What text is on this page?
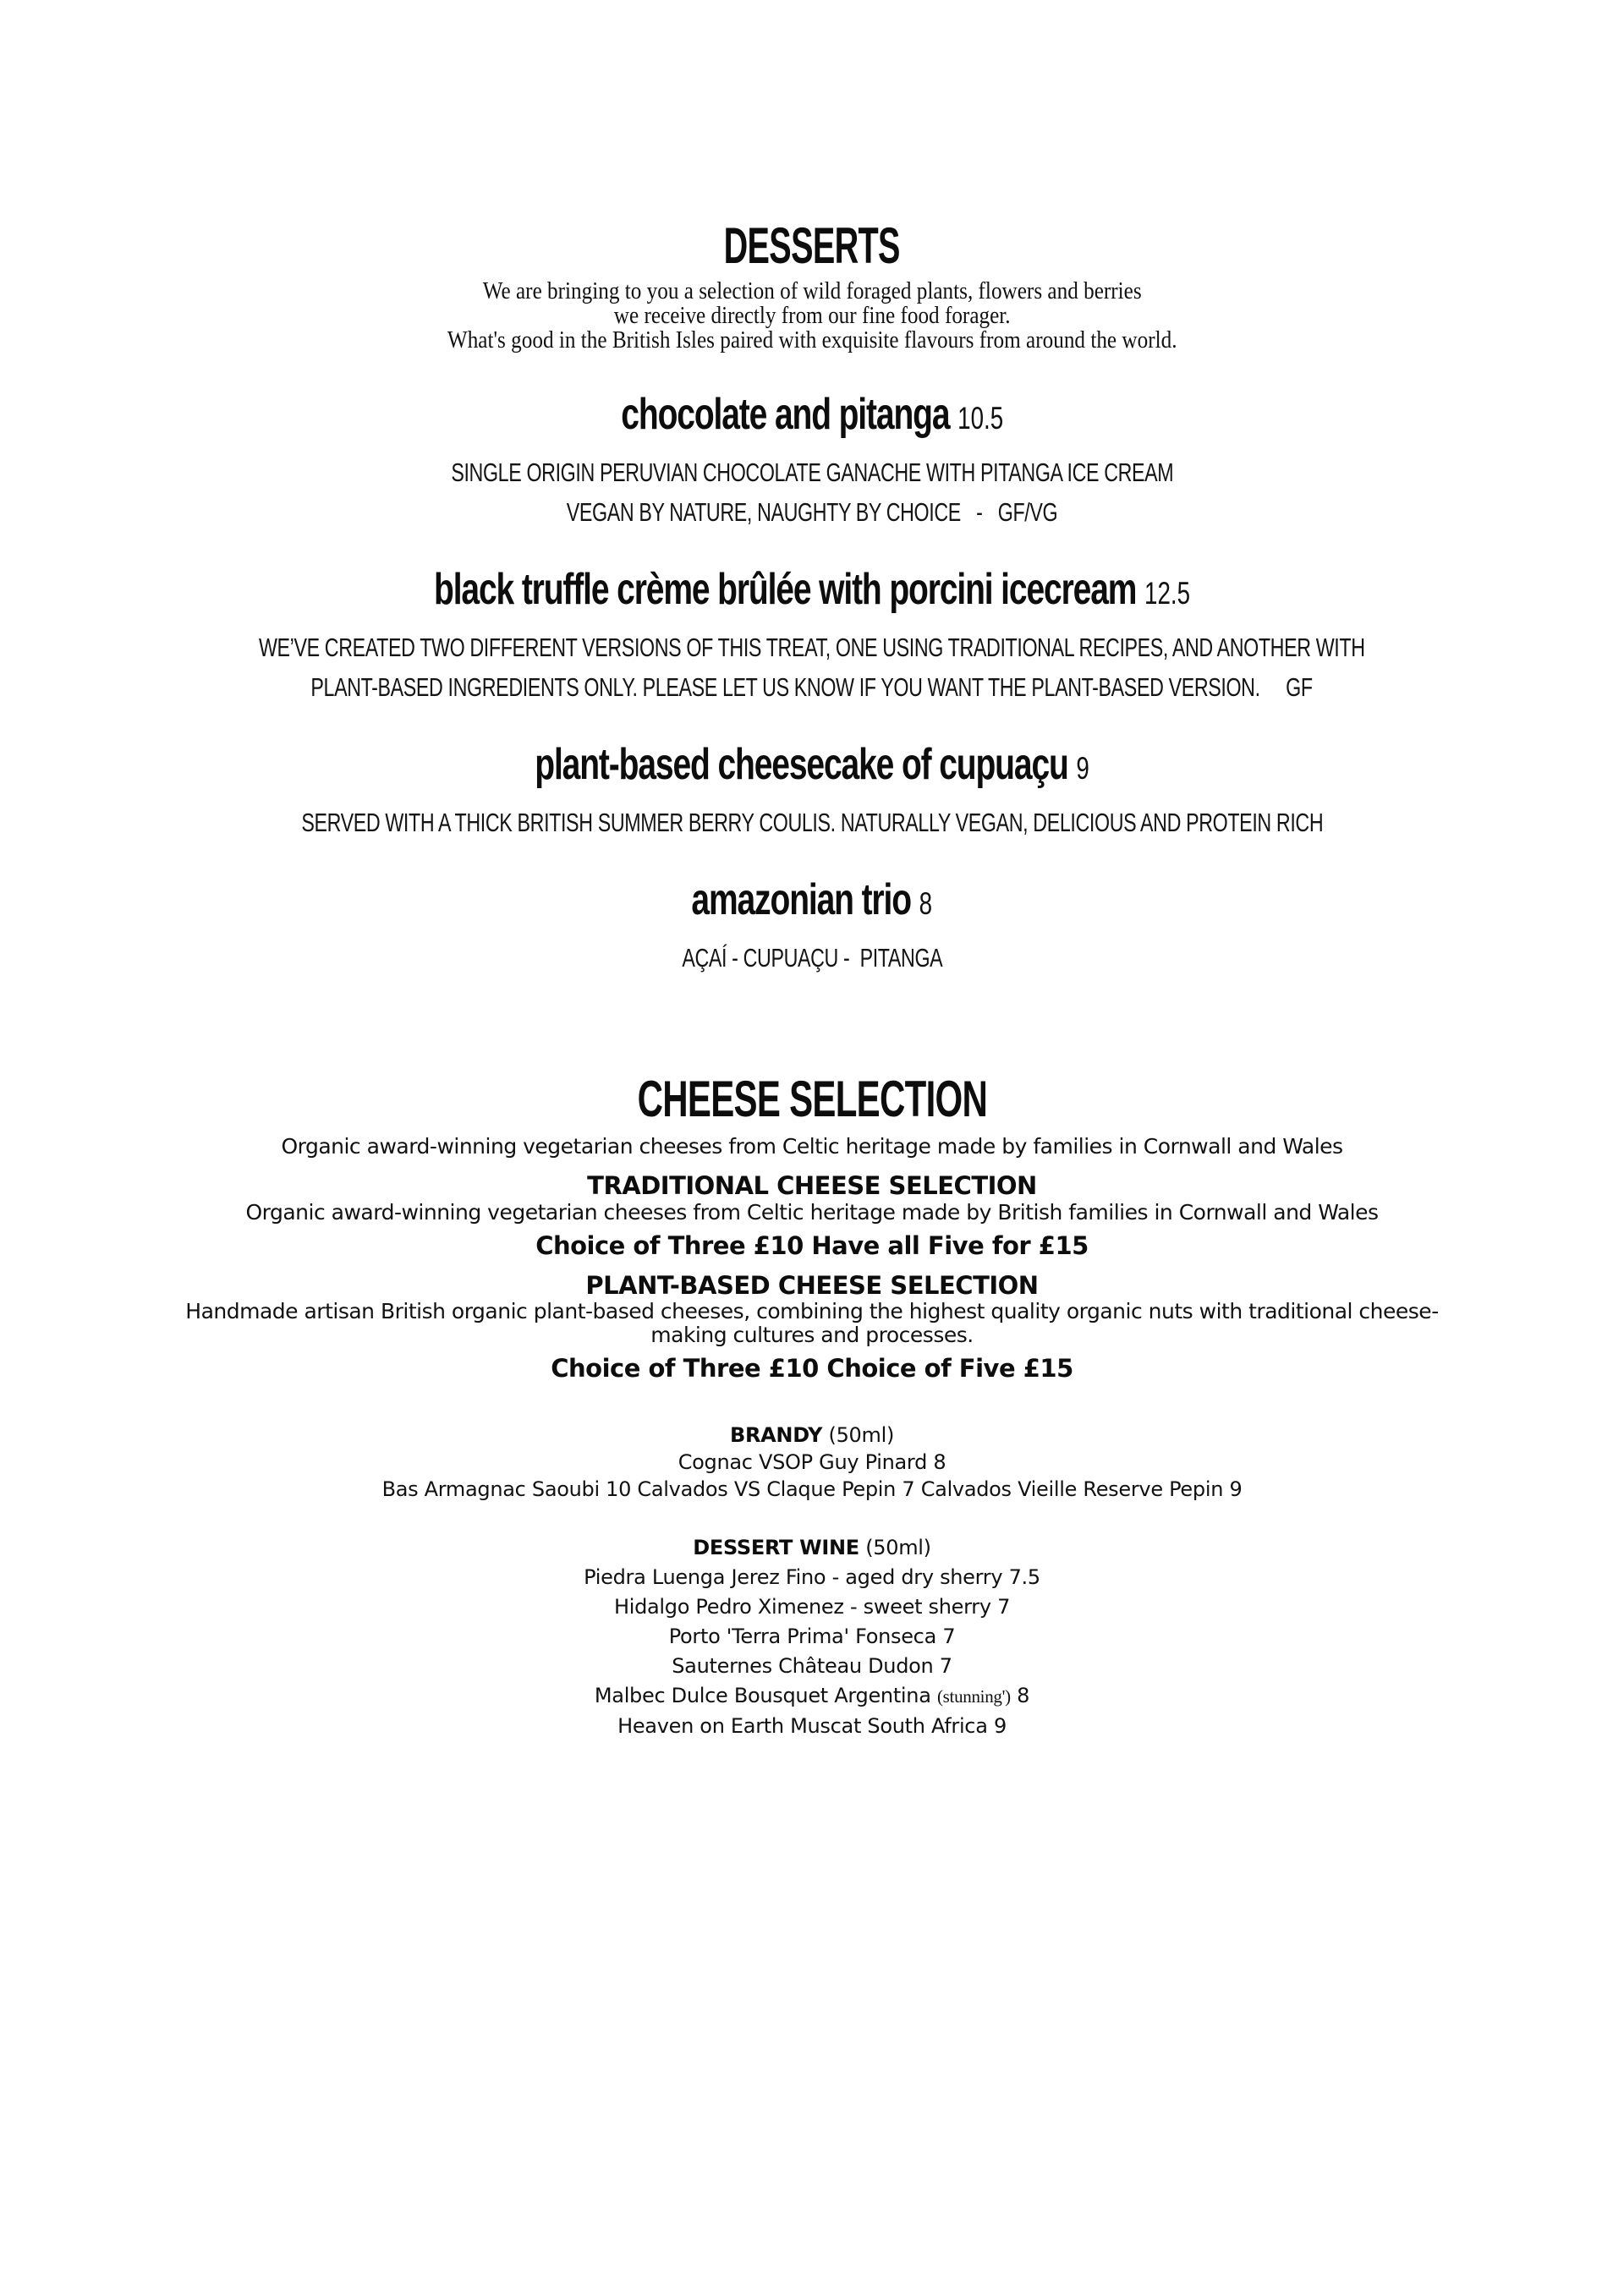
DESSERTS

We are bringing to you a selection of wild foraged plants, flowers and berries

we receive directly from our fine food forager.

What's good in the British Isles paired with exquisite flavours from around the world.

chocolate and pitanga 10.5
SINGLE ORIGIN PERUVIAN CHOCOLATE GANACHE WITH PITANGA ICE CREAM
VEGAN BY NATURE, NAUGHTY BY CHOICE   -   GF/VG
black truffle crème brûlée with porcini icecream 12.5
WE’VE CREATED TWO DIFFERENT VERSIONS OF THIS TREAT, ONE USING TRADITIONAL RECIPES, AND ANOTHER WITH
PLANT-BASED INGREDIENTS ONLY. PLEASE LET US KNOW IF YOU WANT THE PLANT-BASED VERSION.     GF
plant-based cheesecake of cupuaçu 9
SERVED WITH A THICK BRITISH SUMMER BERRY COULIS. NATURALLY VEGAN, DELICIOUS AND PROTEIN RICH
amazonian trio 8
AÇAÍ - CUPUAÇU -  PITANGA
CHEESE SELECTION

Organic award-winning vegetarian cheeses from Celtic heritage made by families in Cornwall and Wales

TRADITIONAL CHEESE SELECTION

Organic award-winning vegetarian cheeses from Celtic heritage made by British families in Cornwall and Wales

Choice of Three £10 Have all Five for £15

PLANT-BASED CHEESE SELECTION

Handmade artisan British organic plant-based cheeses, combining the highest quality organic nuts with traditional cheese-making cultures and processes.

Choice of Three £10 Choice of Five £15

BRANDY (50ml)

Cognac VSOP Guy Pinard 8

Bas Armagnac Saoubi 10 Calvados VS Claque Pepin 7 Calvados Vieille Reserve Pepin 9

DESSERT WINE (50ml)

Piedra Luenga Jerez Fino - aged dry sherry 7.5

Hidalgo Pedro Ximenez - sweet sherry 7

Porto 'Terra Prima' Fonseca 7

Sauternes Château Dudon 7

Malbec Dulce Bousquet Argentina (stunning') 8

Heaven on Earth Muscat South Africa 9
